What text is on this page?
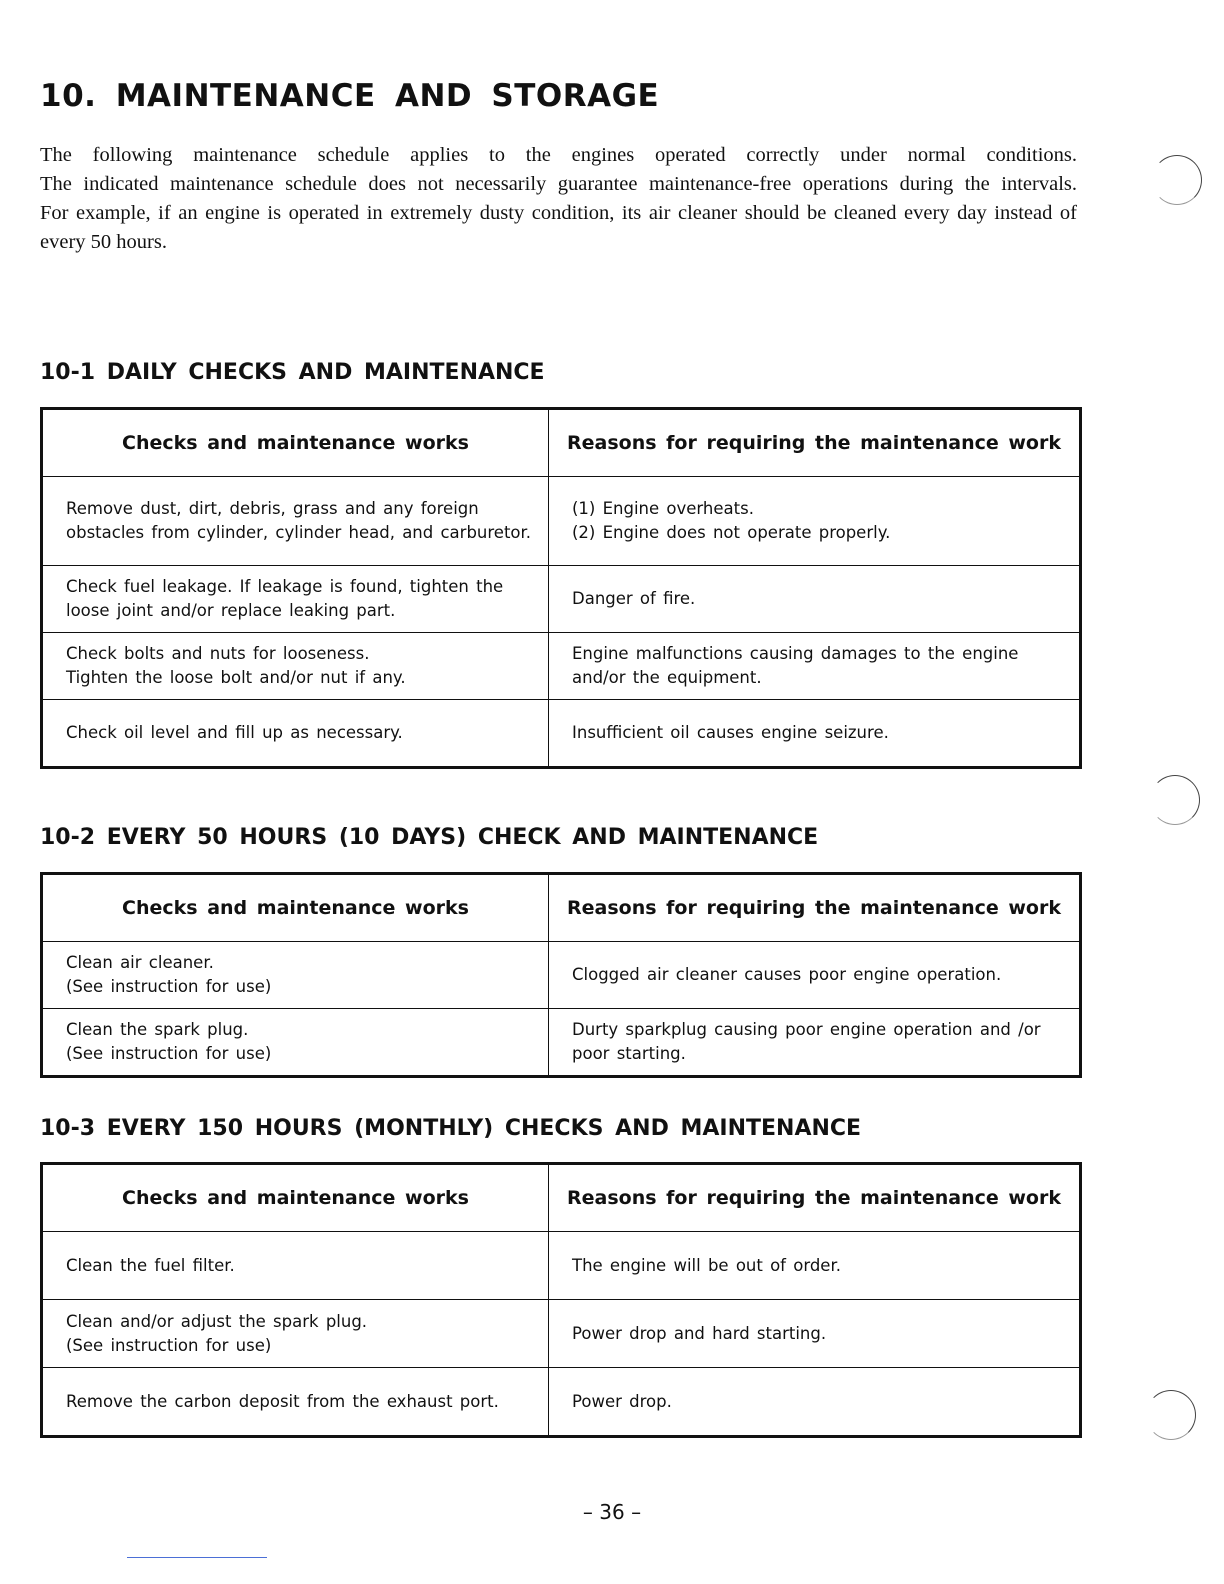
10. MAINTENANCE AND STORAGE

The following maintenance schedule applies to the engines operated correctly under normal conditions.

The indicated maintenance schedule does not necessarily guarantee maintenance-free operations during the intervals.

For example, if an engine is operated in extremely dusty condition, its air cleaner should be cleaned every day instead of every 50 hours.

10-1 DAILY CHECKS AND MAINTENANCE
Checks and maintenance works	Reasons for requiring the maintenance work
Remove dust, dirt, debris, grass and any foreign obstacles from cylinder, cylinder head, and carburetor.	(1) Engine overheats.
(2) Engine does not operate properly.

Check fuel leakage. If leakage is found, tighten the loose joint and/or replace leaking part.	Danger of fire.

Check bolts and nuts for looseness.
Tighten the loose bolt and/or nut if any.	Engine malfunctions causing damages to the engine and/or the equipment.
Check oil level and fill up as necessary.	Insufficient oil causes engine seizure.
10-2 EVERY 50 HOURS (10 DAYS) CHECK AND MAINTENANCE
Checks and maintenance works	Reasons for requiring the maintenance work

Clean air cleaner.
(See instruction for use)	Clogged air cleaner causes poor engine operation.

Clean the spark plug.
(See instruction for use)	Durty sparkplug causing poor engine operation and /or poor starting.
10-3 EVERY 150 HOURS (MONTHLY) CHECKS AND MAINTENANCE
Checks and maintenance works	Reasons for requiring the maintenance work
Clean the fuel filter.	The engine will be out of order.

Clean and/or adjust the spark plug.
(See instruction for use)	Power drop and hard starting.
Remove the carbon deposit from the exhaust port.	Power drop.
– 36 –
